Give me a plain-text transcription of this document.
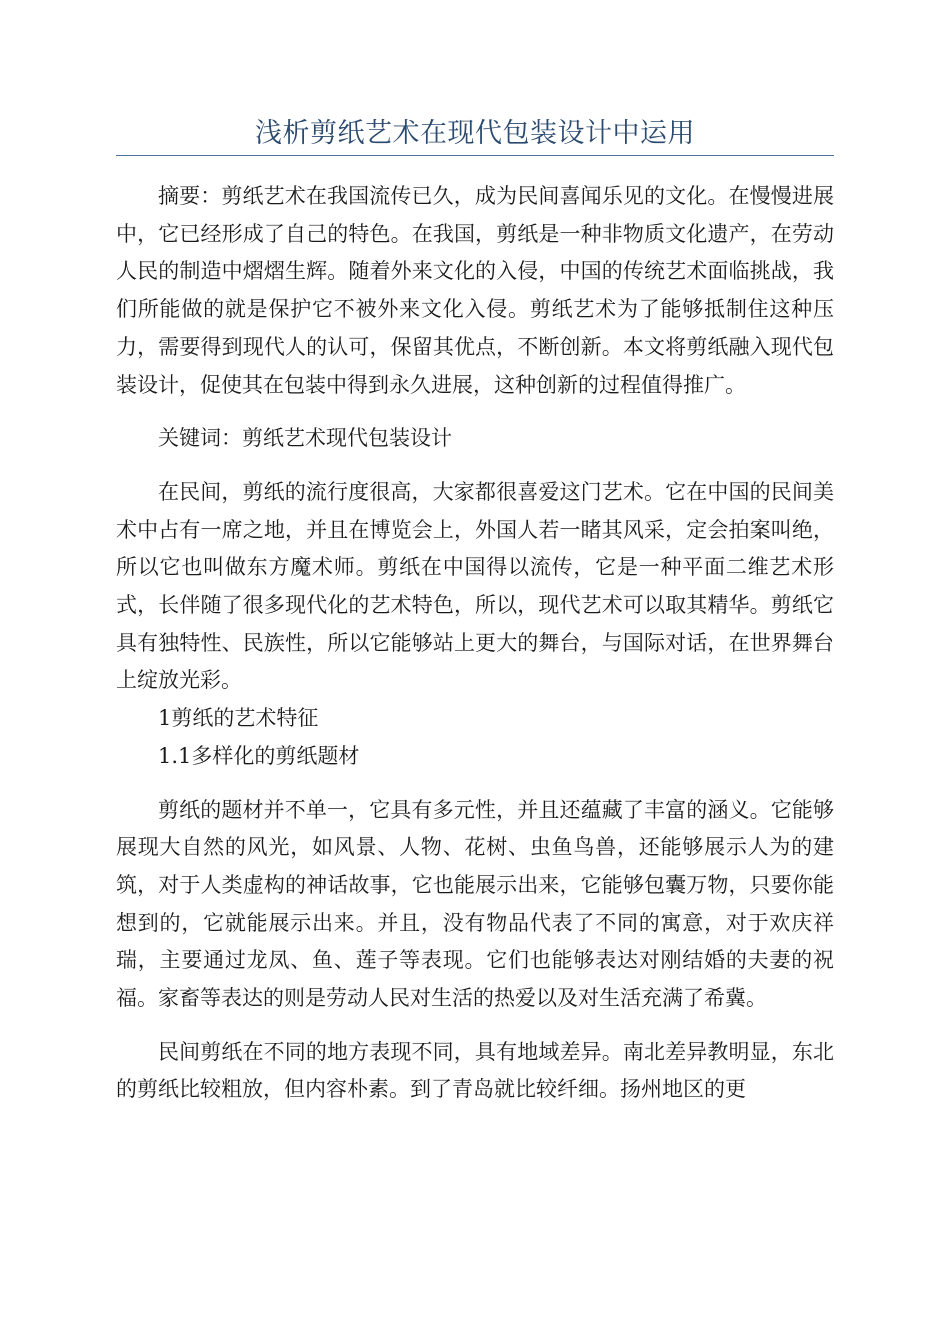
浅析剪纸艺术在现代包装设计中运用

摘要：剪纸艺术在我国流传已久，成为民间喜闻乐见的文化。在慢慢进展中，它已经形成了自己的特色。在我国，剪纸是一种非物质文化遗产，在劳动人民的制造中熠熠生辉。随着外来文化的入侵，中国的传统艺术面临挑战，我们所能做的就是保护它不被外来文化入侵。剪纸艺术为了能够抵制住这种压力，需要得到现代人的认可，保留其优点，不断创新。本文将剪纸融入现代包装设计，促使其在包装中得到永久进展，这种创新的过程值得推广。

关键词：剪纸艺术现代包装设计

在民间，剪纸的流行度很高，大家都很喜爱这门艺术。它在中国的民间美术中占有一席之地，并且在博览会上，外国人若一睹其风采，定会拍案叫绝，所以它也叫做东方魔术师。剪纸在中国得以流传，它是一种平面二维艺术形式，长伴随了很多现代化的艺术特色，所以，现代艺术可以取其精华。剪纸它具有独特性、民族性，所以它能够站上更大的舞台，与国际对话，在世界舞台上绽放光彩。

1剪纸的艺术特征

1.1多样化的剪纸题材

剪纸的题材并不单一，它具有多元性，并且还蕴藏了丰富的涵义。它能够展现大自然的风光，如风景、人物、花树、虫鱼鸟兽，还能够展示人为的建筑，对于人类虚构的神话故事，它也能展示出来，它能够包囊万物，只要你能想到的，它就能展示出来。并且，没有物品代表了不同的寓意，对于欢庆祥瑞，主要通过龙凤、鱼、莲子等表现。它们也能够表达对刚结婚的夫妻的祝福。家畜等表达的则是劳动人民对生活的热爱以及对生活充满了希冀。

民间剪纸在不同的地方表现不同，具有地域差异。南北差异教明显，东北的剪纸比较粗放，但内容朴素。到了青岛就比较纤细。扬州地区的更
